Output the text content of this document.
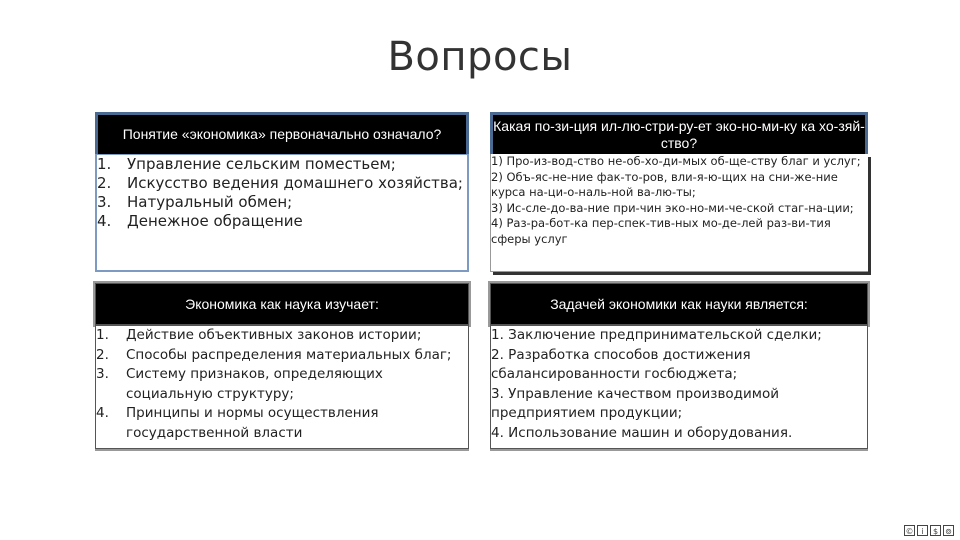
Вопросы
Понятие «экономика» первоначально означало?
1. Управление сельским поместьем;
2. Искусство ведения домашнего хозяйства;
3. Натуральный обмен;
4. Денежное обращение
Какая по-зи-ция ил-лю-стри-ру-ет эко-но-ми-ку ка хо-зяй-ство?
1) Про-из-вод-ство не-об-хо-ди-мых об-ще-ству благ и услуг;
2) Объ-яс-не-ние фак-то-ров, вли-я-ю-щих на сни-же-ние курса на-ци-о-наль-ной ва-лю-ты;
3) Ис-сле-до-ва-ние при-чин эко-но-ми-че-ской стаг-на-ции;
4) Раз-ра-бот-ка пер-спек-тив-ных мо-де-лей раз-ви-тия сферы услуг
Экономика как наука изучает:
1. Действие объективных законов истории;
2. Способы распределения материальных благ;
3. Систему признаков, определяющих социальную структуру;
4. Принципы и нормы осуществления государственной власти
Задачей экономики как науки является:
1. Заключение предпринимательской сделки;
2. Разработка способов достижения сбалансированности госбюджета;
3. Управление качеством производимой предприятием продукции;
4. Использование машин и оборудования.
© i	$ ⊚
